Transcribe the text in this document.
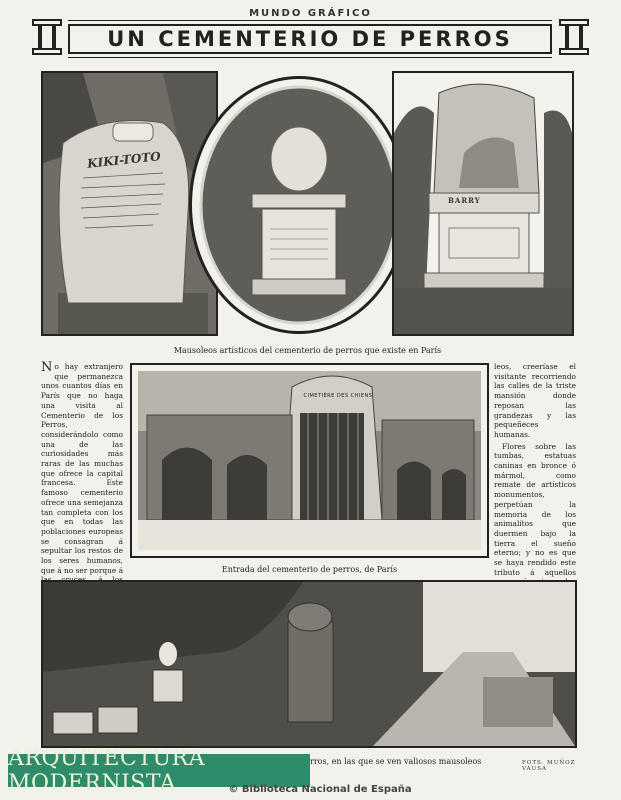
MUNDO GRÁFICO
UN CEMENTERIO DE PERROS
KIKI-TOTO
BARRY
Mausoleos artísticos del cementerio de perros que existe en París

No hay extranjero que permanezca unos cuantos días en París que no haga una visita al Cementerio de los Perros, considerándolo como una de las curiosidades más raras de las muchas que ofrece la capital francesa. Este famoso cementerio ofrece una semejanza tan completa con los que en todas las poblaciones europeas se consagran á sepultar los restos de los seres humanos, que á no ser porque á

CIMETIÈRE DES CHIENS
Entrada del cementerio de perros, de París

leos, creeríase el visitante recorriendo las calles de la triste mansión donde reposan las grandezas y las pequeñeces humanas.

Flores sobre las tumbas, estatuas caninas en bronce ó mármol, como remate de artísticos monumentos, perpetúan la memoria de los animalitos que duermen bajo la tierra el sueño eterno; y no es que se haya rendido este tributo á aquellos

rros, en las que se ven valiosos mausoleos	FOTS. MUÑOZ VAUSA
ARQUITECTURA MODERNISTA	© Biblioteca Nacional de España
